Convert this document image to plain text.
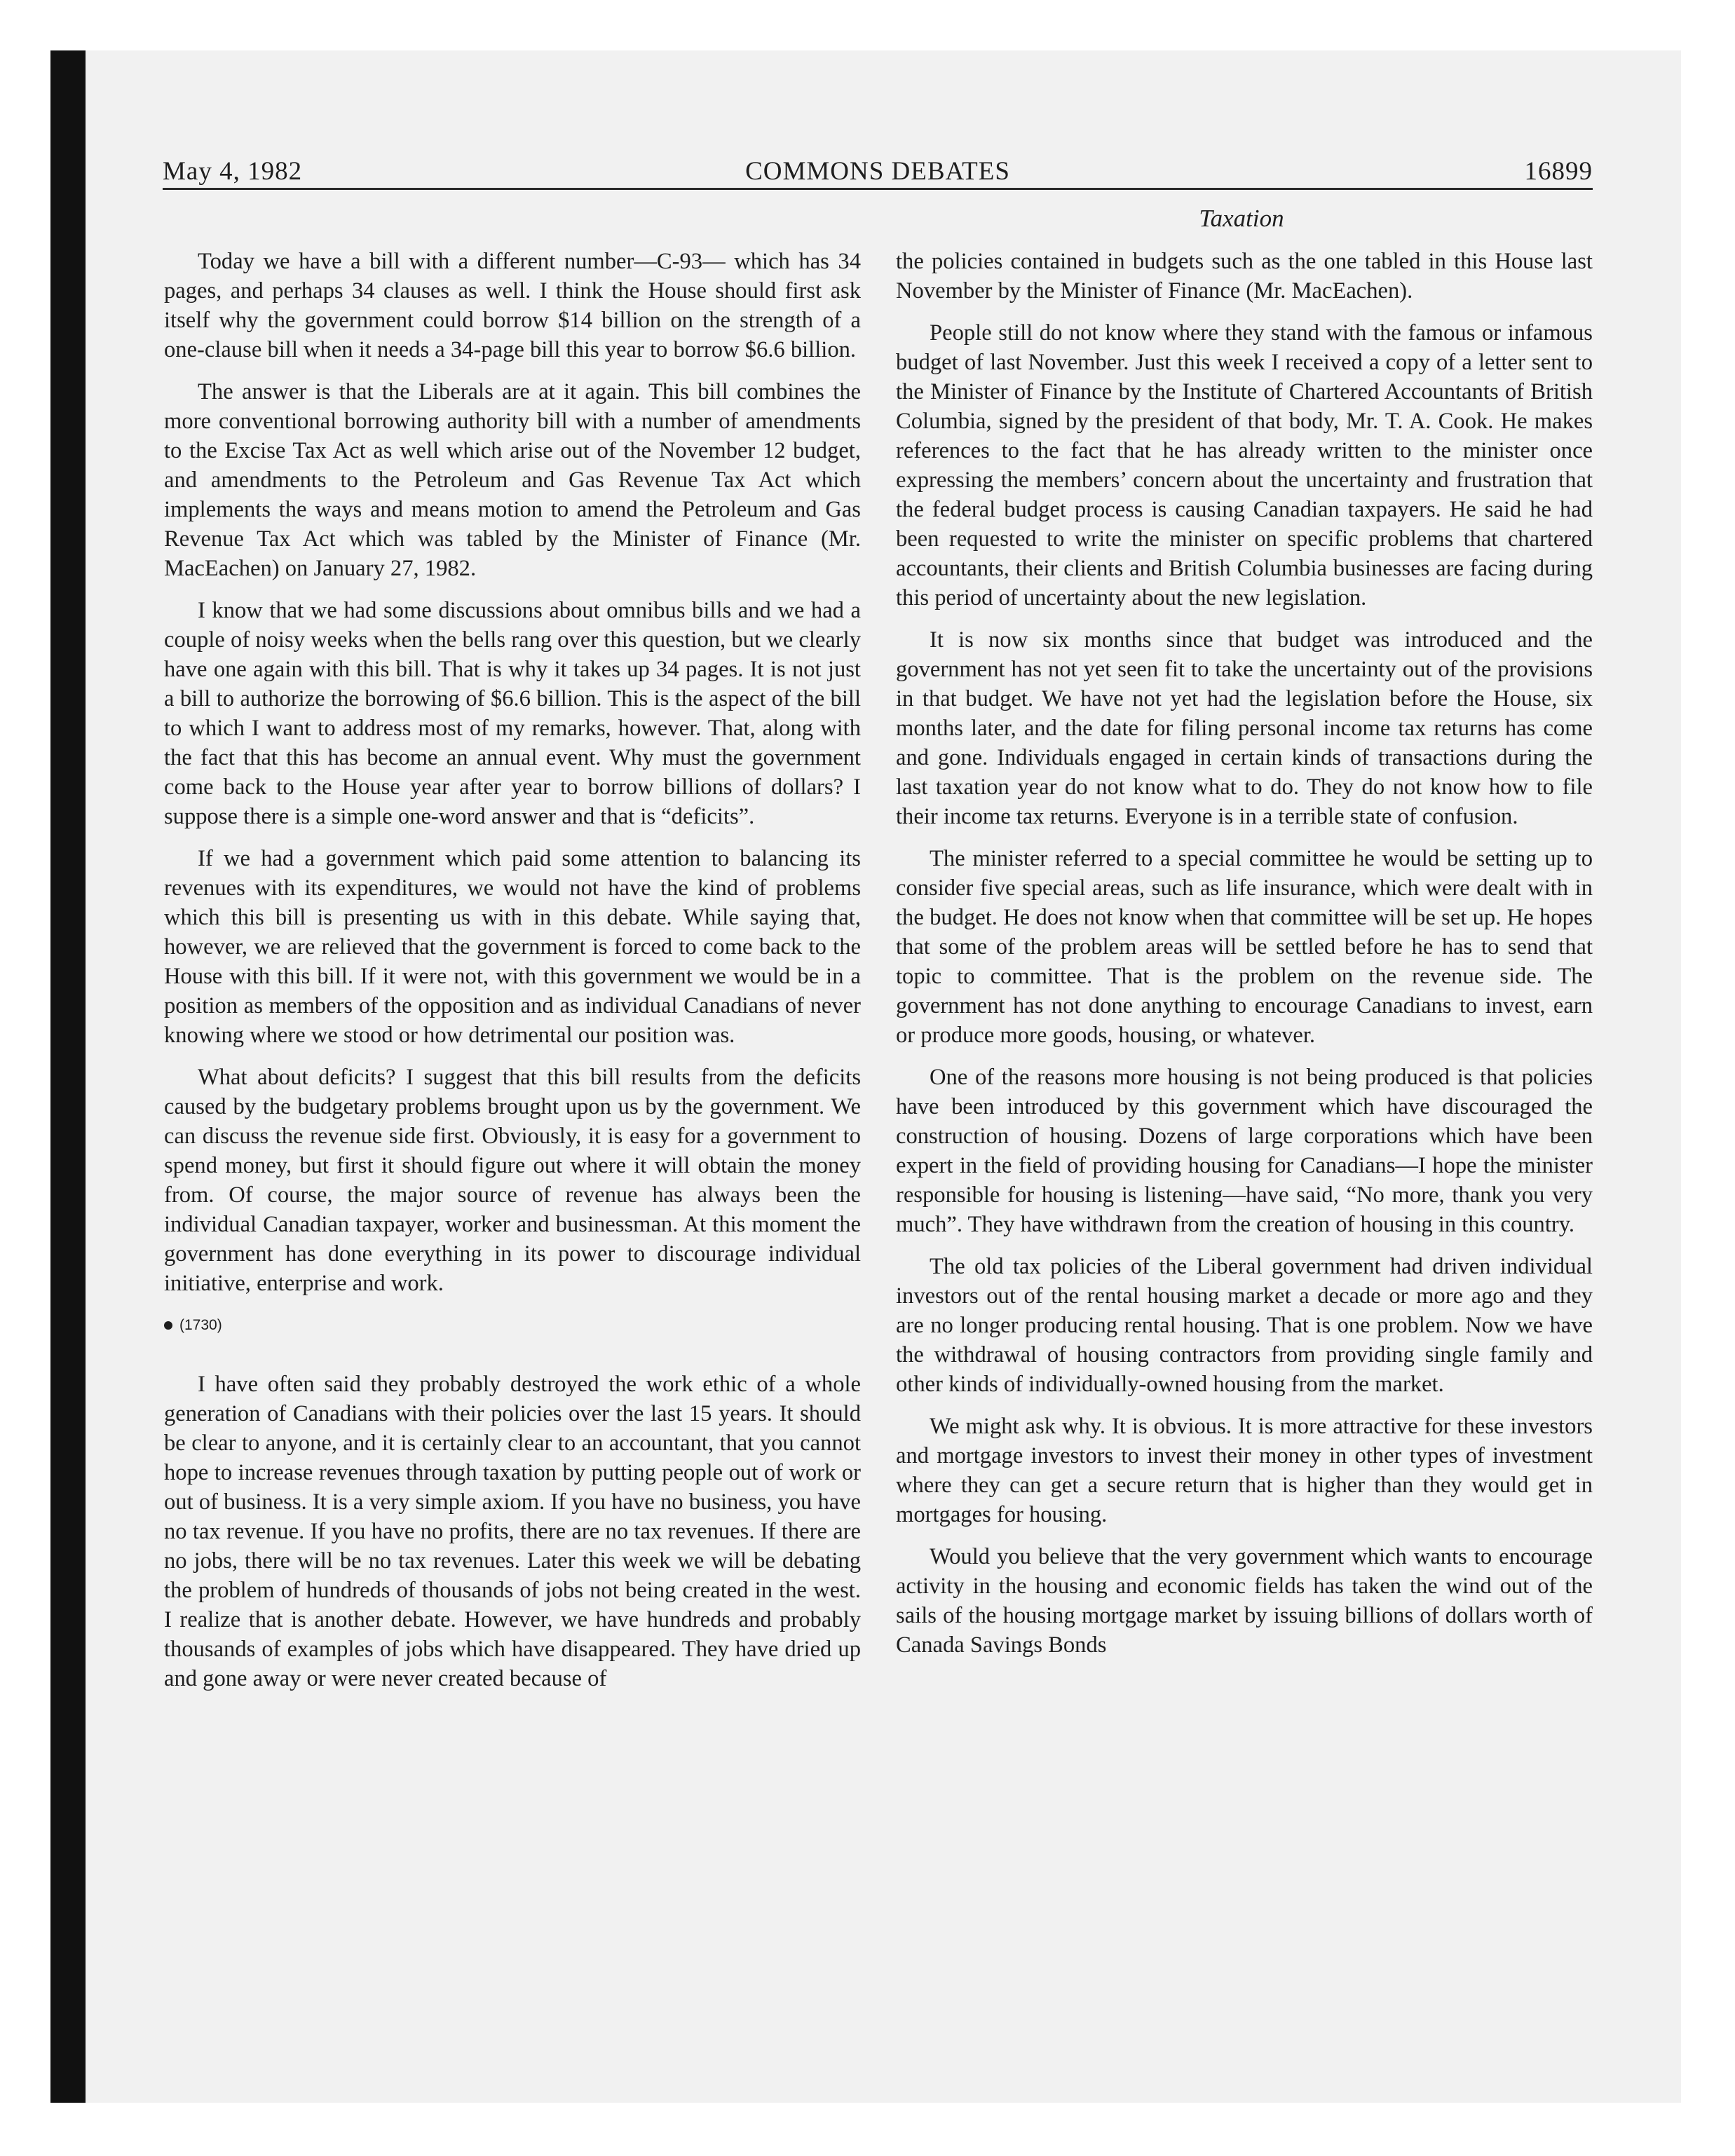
May 4, 1982	COMMONS DEBATES	16899
Taxation

Today we have a bill with a different number—C-93— which has 34 pages, and perhaps 34 clauses as well. I think the House should first ask itself why the government could borrow $14 billion on the strength of a one-clause bill when it needs a 34-page bill this year to borrow $6.6 billion.

The answer is that the Liberals are at it again. This bill combines the more conventional borrowing authority bill with a number of amendments to the Excise Tax Act as well which arise out of the November 12 budget, and amendments to the Petroleum and Gas Revenue Tax Act which implements the ways and means motion to amend the Petroleum and Gas Revenue Tax Act which was tabled by the Minister of Finance (Mr. MacEachen) on January 27, 1982.

I know that we had some discussions about omnibus bills and we had a couple of noisy weeks when the bells rang over this question, but we clearly have one again with this bill. That is why it takes up 34 pages. It is not just a bill to authorize the borrowing of $6.6 billion. This is the aspect of the bill to which I want to address most of my remarks, however. That, along with the fact that this has become an annual event. Why must the government come back to the House year after year to borrow billions of dollars? I suppose there is a simple one-word answer and that is “deficits”.

If we had a government which paid some attention to balancing its revenues with its expenditures, we would not have the kind of problems which this bill is presenting us with in this debate. While saying that, however, we are relieved that the government is forced to come back to the House with this bill. If it were not, with this government we would be in a position as members of the opposition and as individual Canadians of never knowing where we stood or how detrimental our position was.

What about deficits? I suggest that this bill results from the deficits caused by the budgetary problems brought upon us by the government. We can discuss the revenue side first. Obviously, it is easy for a government to spend money, but first it should figure out where it will obtain the money from. Of course, the major source of revenue has always been the individual Canadian taxpayer, worker and businessman. At this moment the government has done everything in its power to discourage individual initiative, enterprise and work.

(1730)

I have often said they probably destroyed the work ethic of a whole generation of Canadians with their policies over the last 15 years. It should be clear to anyone, and it is certainly clear to an accountant, that you cannot hope to increase revenues through taxation by putting people out of work or out of business. It is a very simple axiom. If you have no business, you have no tax revenue. If you have no profits, there are no tax revenues. If there are no jobs, there will be no tax revenues. Later this week we will be debating the problem of hundreds of thousands of jobs not being created in the west. I realize that is another debate. However, we have hundreds and probably thousands of examples of jobs which have disappeared. They have dried up and gone away or were never created because of

the policies contained in budgets such as the one tabled in this House last November by the Minister of Finance (Mr. MacEachen).

People still do not know where they stand with the famous or infamous budget of last November. Just this week I received a copy of a letter sent to the Minister of Finance by the Institute of Chartered Accountants of British Columbia, signed by the president of that body, Mr. T. A. Cook. He makes references to the fact that he has already written to the minister once expressing the members’ concern about the uncertainty and frustration that the federal budget process is causing Canadian taxpayers. He said he had been requested to write the minister on specific problems that chartered accountants, their clients and British Columbia businesses are facing during this period of uncertainty about the new legislation.

It is now six months since that budget was introduced and the government has not yet seen fit to take the uncertainty out of the provisions in that budget. We have not yet had the legislation before the House, six months later, and the date for filing personal income tax returns has come and gone. Individuals engaged in certain kinds of transactions during the last taxation year do not know what to do. They do not know how to file their income tax returns. Everyone is in a terrible state of confusion.

The minister referred to a special committee he would be setting up to consider five special areas, such as life insurance, which were dealt with in the budget. He does not know when that committee will be set up. He hopes that some of the problem areas will be settled before he has to send that topic to committee. That is the problem on the revenue side. The government has not done anything to encourage Canadians to invest, earn or produce more goods, housing, or whatever.

One of the reasons more housing is not being produced is that policies have been introduced by this government which have discouraged the construction of housing. Dozens of large corporations which have been expert in the field of providing housing for Canadians—I hope the minister responsible for housing is listening—have said, “No more, thank you very much”. They have withdrawn from the creation of housing in this country.

The old tax policies of the Liberal government had driven individual investors out of the rental housing market a decade or more ago and they are no longer producing rental housing. That is one problem. Now we have the withdrawal of housing contractors from providing single family and other kinds of individually-owned housing from the market.

We might ask why. It is obvious. It is more attractive for these investors and mortgage investors to invest their money in other types of investment where they can get a secure return that is higher than they would get in mortgages for housing.

Would you believe that the very government which wants to encourage activity in the housing and economic fields has taken the wind out of the sails of the housing mortgage market by issuing billions of dollars worth of Canada Savings Bonds
